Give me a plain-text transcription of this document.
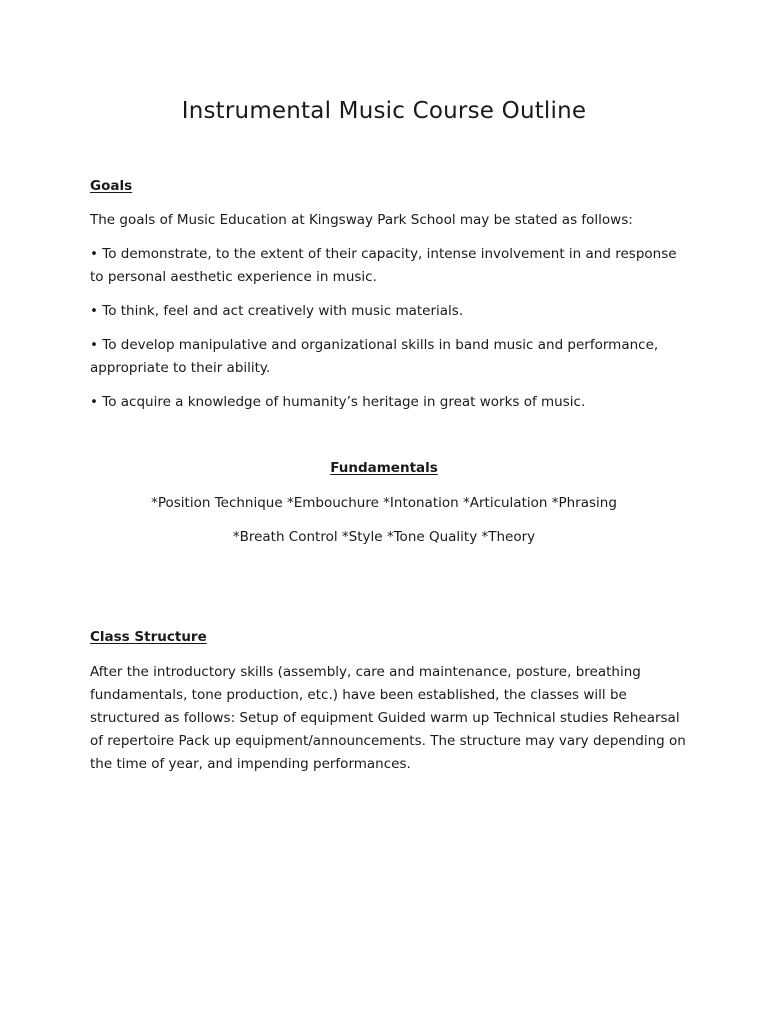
Instrumental Music Course Outline
Goals

The goals of Music Education at Kingsway Park School may be stated as follows:

• To demonstrate, to the extent of their capacity, intense involvement in and response to personal aesthetic experience in music.

• To think, feel and act creatively with music materials.

• To develop manipulative and organizational skills in band music and performance, appropriate to their ability.

• To acquire a knowledge of humanity’s heritage in great works of music.

Fundamentals

*Position Technique *Embouchure *Intonation *Articulation *Phrasing

*Breath Control *Style *Tone Quality *Theory

Class Structure

After the introductory skills (assembly, care and maintenance, posture, breathing fundamentals, tone production, etc.) have been established, the classes will be structured as follows: Setup of equipment Guided warm up Technical studies Rehearsal of repertoire Pack up equipment/announcements. The structure may vary depending on the time of year, and impending performances.
